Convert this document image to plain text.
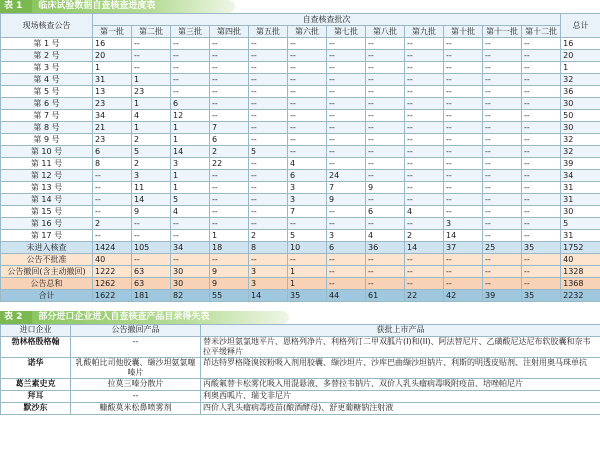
表 1	临床试验数据自查核查进度表
现场核查公告	自查核查批次												总计
	第一批	第二批	第三批	第四批	第五批	第六批	第七批	第八批	第九批	第十批	第十一批	第十二批	
第 1 号	16	--	--	--	--	--	--	--	--	--	--	--	16
第 2 号	20	--	--	--	--	--	--	--	--	--	--	--	20
第 3 号	1	--	--	--	--	--	--	--	--	--	--	--	1
第 4 号	31	1	--	--	--	--	--	--	--	--	--	--	32
第 5 号	13	23	--	--	--	--	--	--	--	--	--	--	36
第 6 号	23	1	6	--	--	--	--	--	--	--	--	--	30
第 7 号	34	4	12	--	--	--	--	--	--	--	--	--	50
第 8 号	21	1	1	7	--	--	--	--	--	--	--	--	30
第 9 号	23	2	1	6	--	--	--	--	--	--	--	--	32
第 10 号	6	5	14	2	5	--	--	--	--	--	--	--	32
第 11 号	8	2	3	22	--	4	--	--	--	--	--	--	39
第 12 号	--	3	1	--	--	6	24	--	--	--	--	--	34
第 13 号	--	11	1	--	--	3	7	9	--	--	--	--	31
第 14 号	--	14	5	--	--	3	9	--	--	--	--	--	31
第 15 号	--	9	4	--	--	7	--	6	4	--	--	--	30
第 16 号	2	--	--	--	--	--	--	--	--	3	--	--	5
第 17 号	--	--	--	1	2	5	3	4	2	14	--	--	31
未进入核查	1424	105	34	18	8	10	6	36	14	37	25	35	1752
公告不批准	40	--	--	--	--	--	--	--	--	--	--	--	40
公告撤回(含主动撤回)	1222	63	30	9	3	1	--	--	--	--	--	--	1328
公告总和	1262	63	30	9	3	1	--	--	--	--	--	--	1368
合计	1622	181	82	55	14	35	44	61	22	42	39	35	2232
表 2	部分进口企业进入自查核查产品目录得失表
进口企业	公告撤回产品	获批上市产品
勃林格殷格翰	--	替米沙坦氨氯地平片、恩格列净片、利格列汀二甲双胍片(I)和(II)、阿法替尼片、乙磺酸尼达尼布软胶囊和奈韦拉平缓释片
诺华	乳酸帕比司他胶囊、缬沙坦氨氯噻嗪片	茚达特罗格隆溴铵粉吸入剂用胶囊、缬沙坦片、沙库巴曲缬沙坦钠片、利斯的明透皮贴剂、注射用奥马珠单抗
葛兰素史克	拉莫三嗪分散片	丙酸氟替卡松雾化吸入用混悬液、多替拉韦钠片、双价人乳头瘤病毒吸附疫苗、培唑帕尼片
拜耳	--	利奥西呱片、瑞戈非尼片
默沙东	糠酸莫米松鼻喷雾剂	四价人乳头瘤病毒疫苗(酿酒酵母)、舒更葡糖钠注射液
